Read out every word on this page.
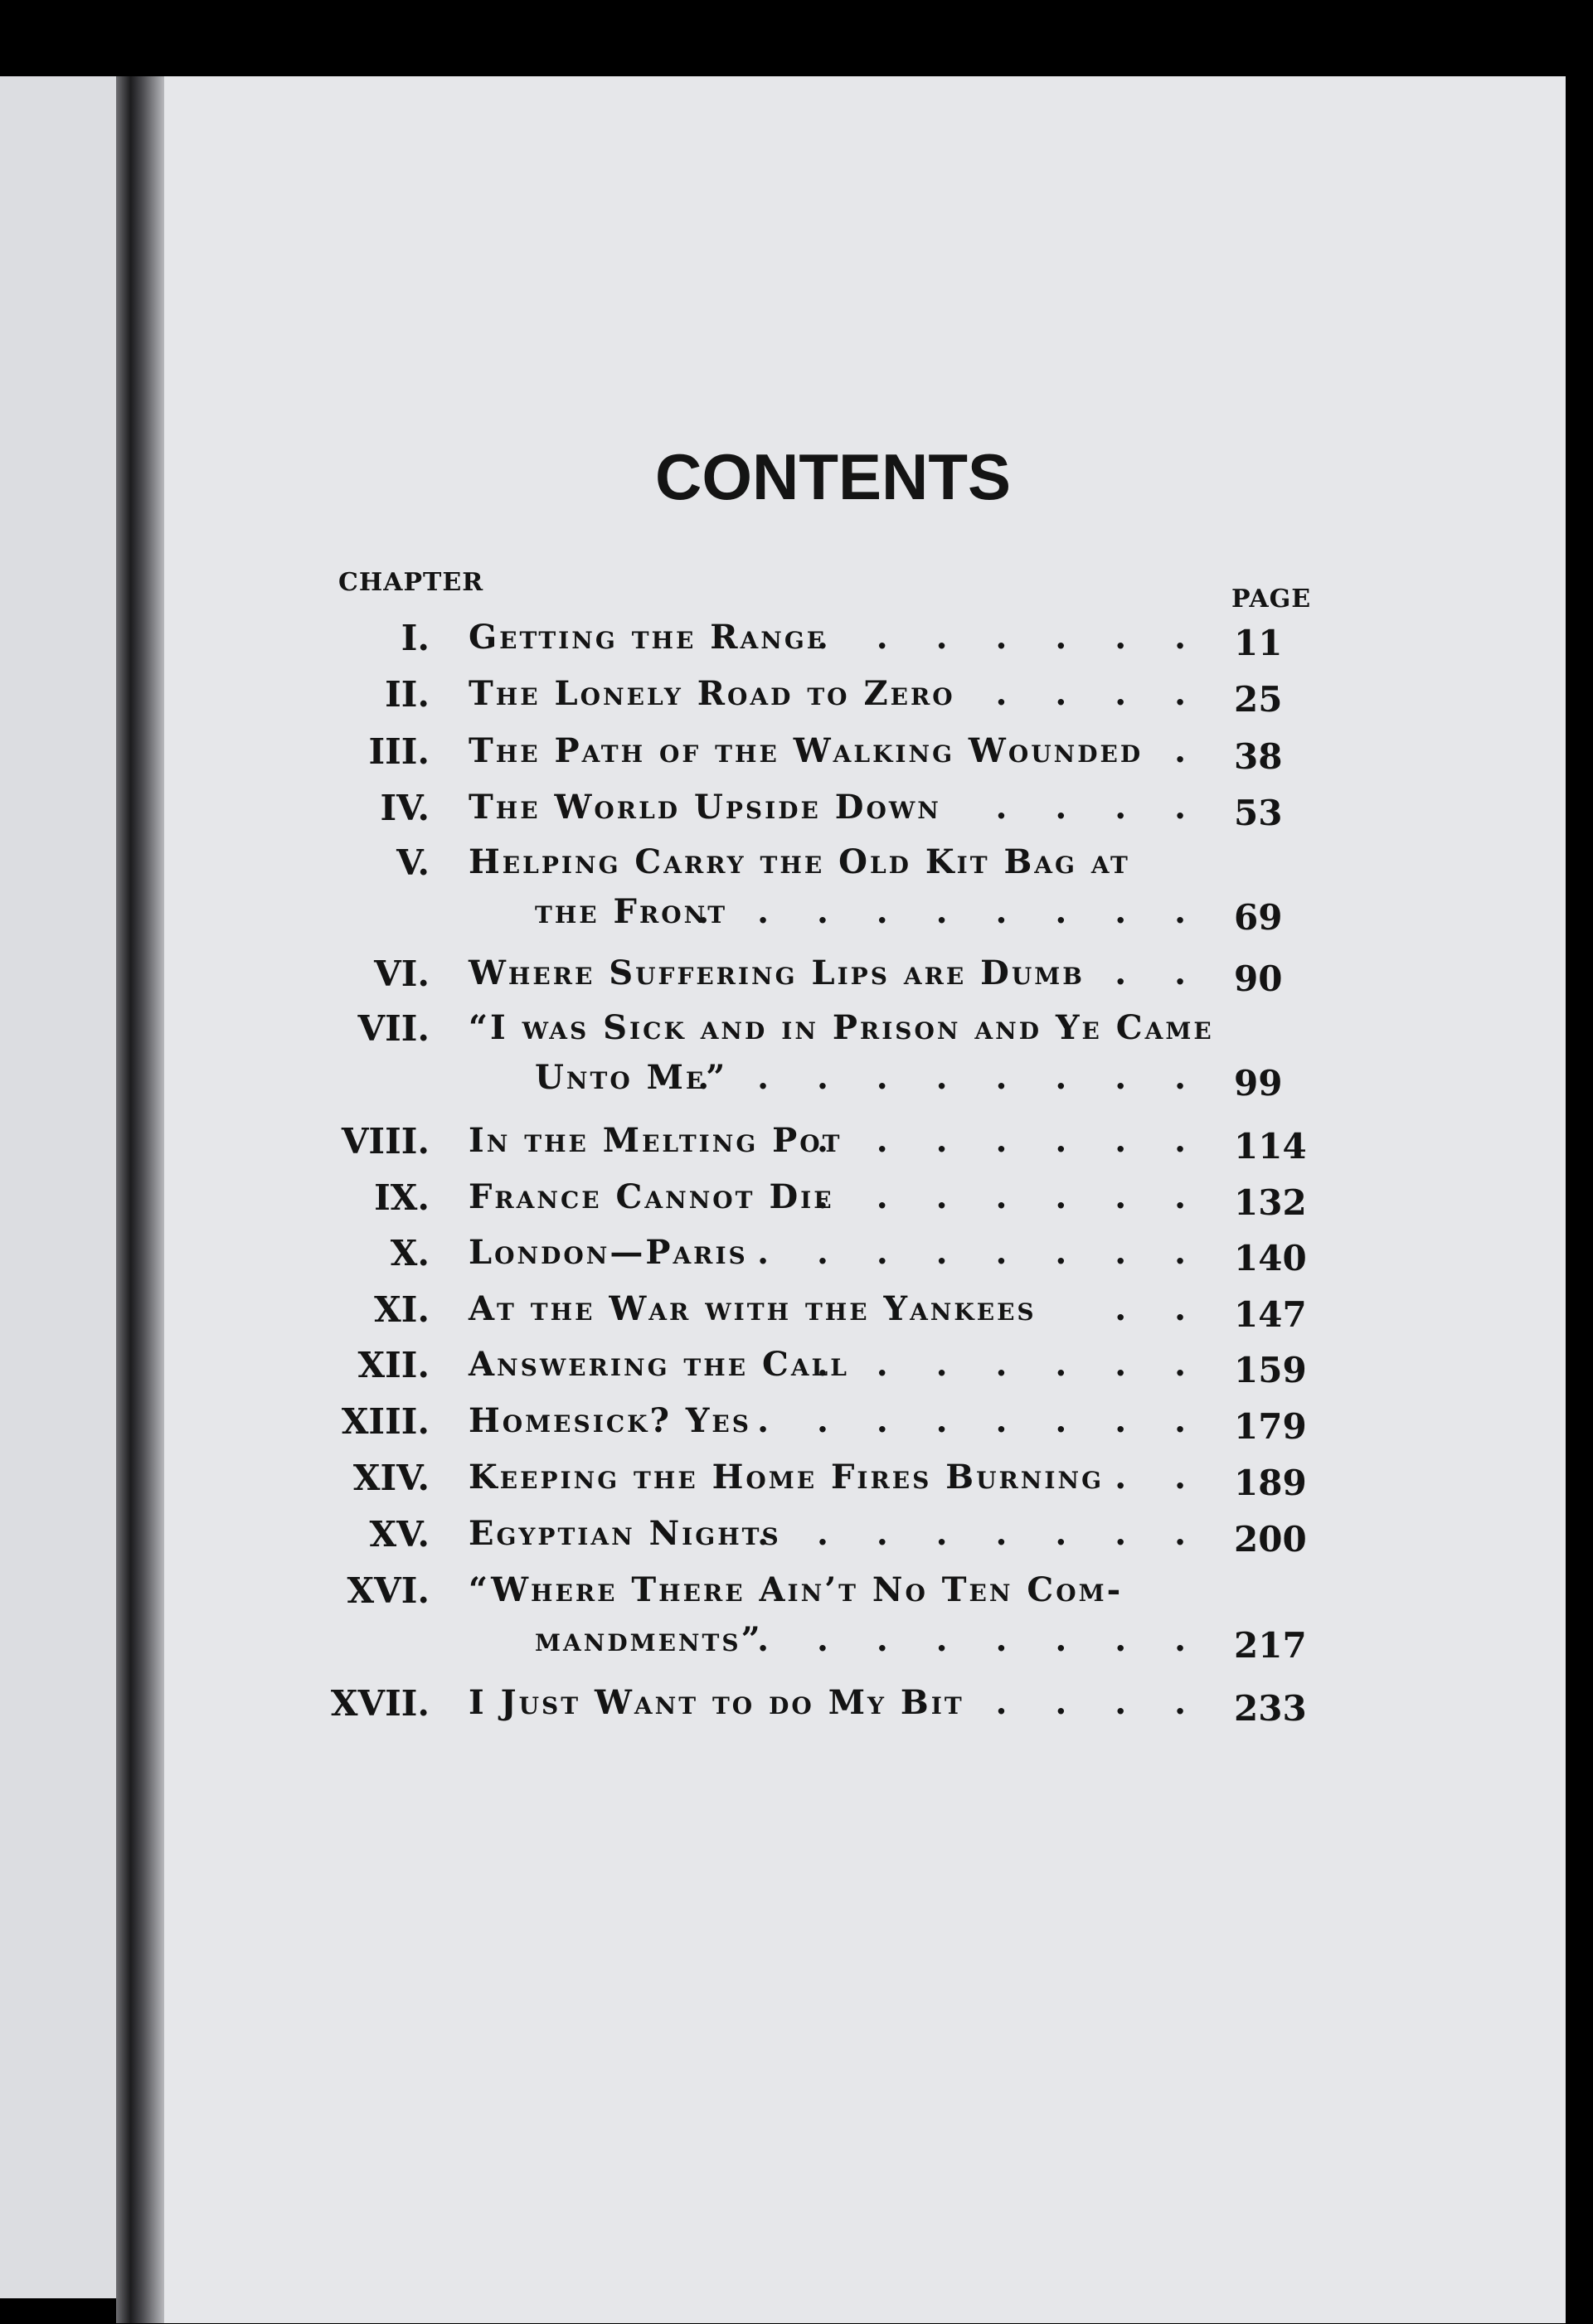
CONTENTS
CHAPTER
PAGE
I. Getting the Range
. . . . . . . 11
II. The Lonely Road to Zero . . . . 25
III. The Path of the Walking Wounded . 38
IV. The World Upside Down . . . . 53
V. Helping Carry the Old Kit Bag at
the Front
. . . . . . . . . 69
VI. Where Suffering Lips are Dumb . . 90
VII. “I was Sick and in Prison and Ye Came
Unto Me”
. . . . . . . . . 99
VIII. In the Melting Pot
. . . . . . . 114
IX. France Cannot Die
. . . . . . . 132
X. London—Paris . . . . . . . . 140
XI. At the War with the Yankees . . 147
XII. Answering the Call
. . . . . . . 159
XIII. Homesick? Yes . . . . . . . . 179
XIV. Keeping the Home Fires Burning . . 189
XV. Egyptian Nights
. . . . . . . . 200
XVI. “Where There Ain’t No Ten Com-
mandments”
. . . . . . . . 217
XVII. I Just Want to do My Bit . . . . 233
